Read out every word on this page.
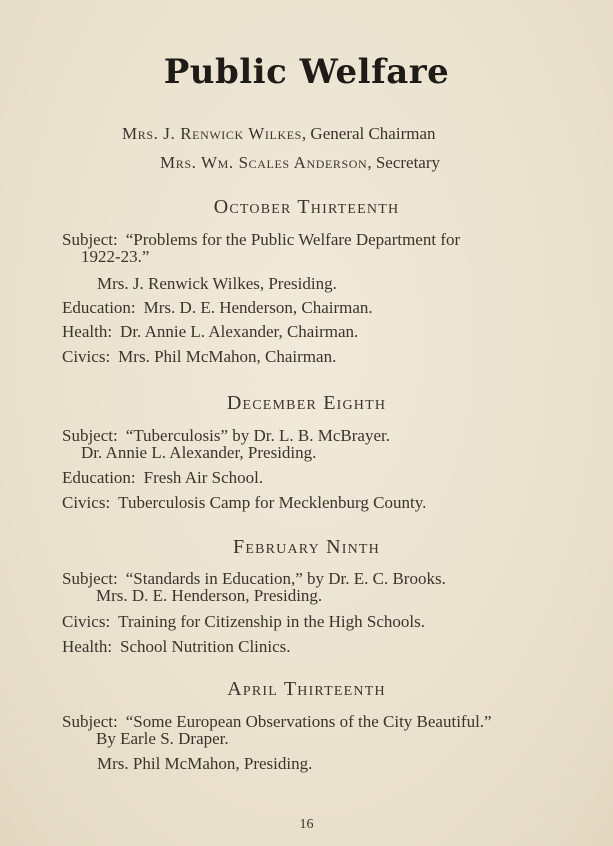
Public Welfare
Mrs. J. Renwick Wilkes, General Chairman
Mrs. Wm. Scales Anderson, Secretary
October Thirteenth
Subject: “Problems for the Public Welfare Department for
1922-23.”
Mrs. J. Renwick Wilkes, Presiding.
Education: Mrs. D. E. Henderson, Chairman.
Health: Dr. Annie L. Alexander, Chairman.
Civics: Mrs. Phil McMahon, Chairman.
December Eighth
Subject: “Tuberculosis” by Dr. L. B. McBrayer.
Dr. Annie L. Alexander, Presiding.
Education: Fresh Air School.
Civics: Tuberculosis Camp for Mecklenburg County.
February Ninth
Subject: “Standards in Education,” by Dr. E. C. Brooks.
Mrs. D. E. Henderson, Presiding.
Civics: Training for Citizenship in the High Schools.
Health: School Nutrition Clinics.
April Thirteenth
Subject: “Some European Observations of the City Beautiful.”
By Earle S. Draper.
Mrs. Phil McMahon, Presiding.
16
